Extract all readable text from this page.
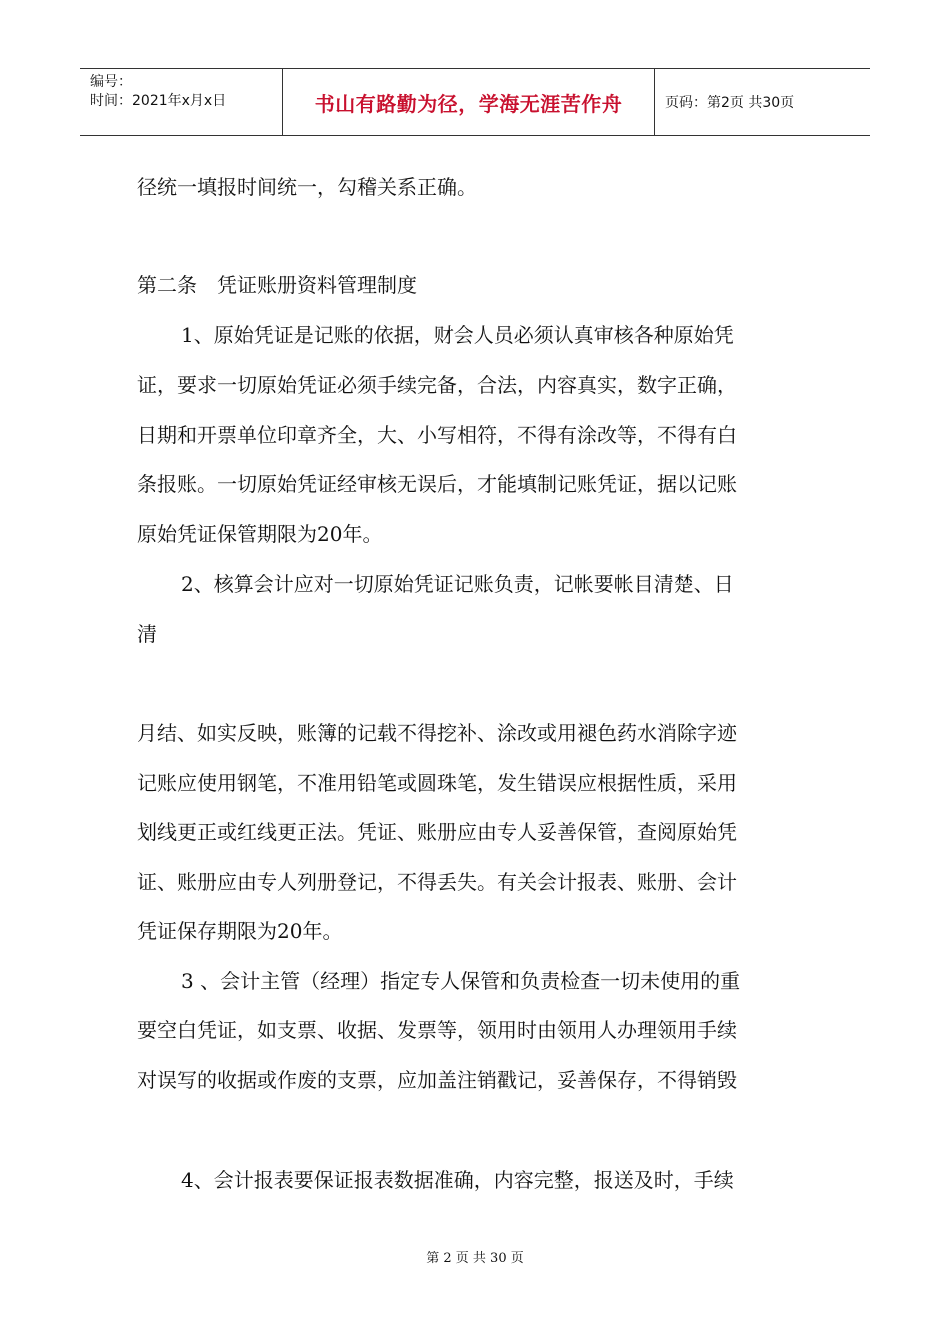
编号：
时间：2021年x月x日	书山有路勤为径，学海无涯苦作舟	页码：第2页 共30页
径统一填报时间统一，勾稽关系正确。
第二条　凭证账册资料管理制度
1、原始凭证是记账的依据，财会人员必须认真审核各种原始凭
证，要求一切原始凭证必须手续完备，合法，内容真实，数字正确，
日期和开票单位印章齐全，大、小写相符，不得有涂改等，不得有白
条报账。一切原始凭证经审核无误后，才能填制记账凭证，据以记账
原始凭证保管期限为20年。
2、核算会计应对一切原始凭证记账负责，记帐要帐目清楚、日
清
月结、如实反映，账簿的记载不得挖补、涂改或用褪色药水消除字迹
记账应使用钢笔，不准用铅笔或圆珠笔，发生错误应根据性质，采用
划线更正或红线更正法。凭证、账册应由专人妥善保管，查阅原始凭
证、账册应由专人列册登记，不得丢失。有关会计报表、账册、会计
凭证保存期限为20年。
3 、会计主管（经理）指定专人保管和负责检查一切未使用的重
要空白凭证，如支票、收据、发票等，领用时由领用人办理领用手续
对误写的收据或作废的支票，应加盖注销戳记，妥善保存，不得销毁
4、会计报表要保证报表数据准确，内容完整，报送及时，手续
第 2 页 共 30 页
